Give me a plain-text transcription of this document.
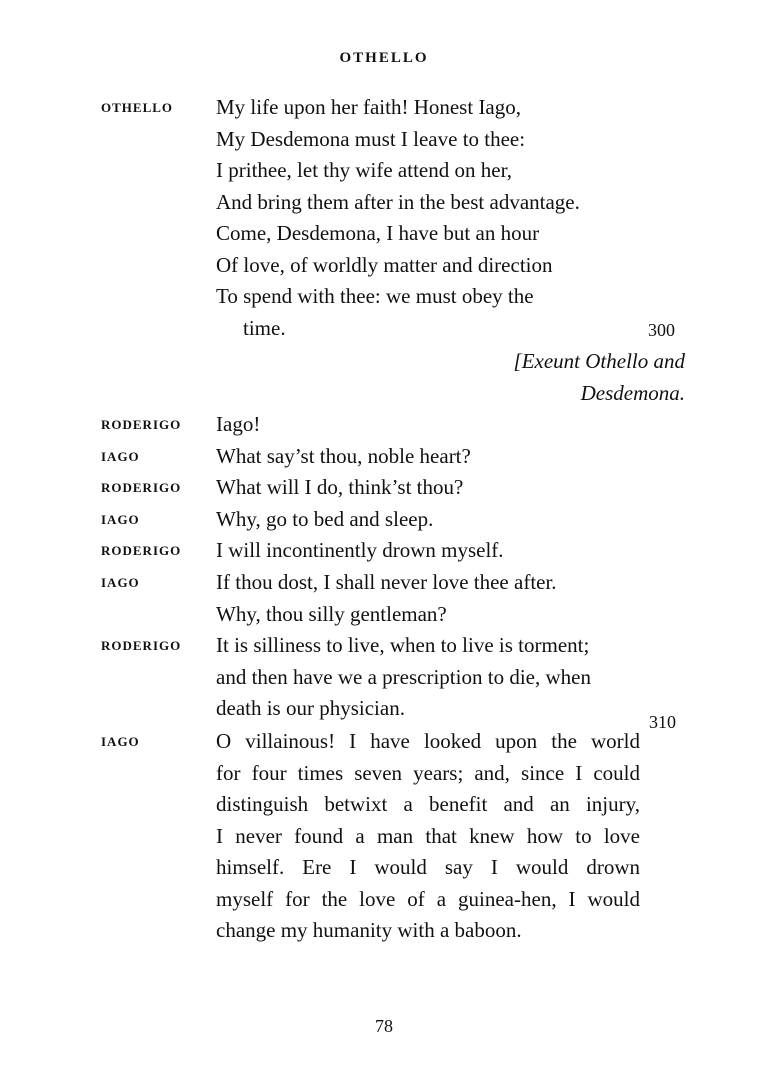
OTHELLO
OTHELLO My life upon her faith! Honest Iago,
My Desdemona must I leave to thee:
I prithee, let thy wife attend on her,
And bring them after in the best advantage.
Come, Desdemona, I have but an hour
Of love, of worldly matter and direction
To spend with thee: we must obey the
time.	300
[Exeunt Othello and
Desdemona.
RODERIGO Iago!
IAGO	What say’st thou, noble heart?
RODERIGO What will I do, think’st thou?
IAGO	Why, go to bed and sleep.
RODERIGO I will incontinently drown myself.
IAGO	If thou dost, I shall never love thee after.
Why, thou silly gentleman?
RODERIGO It is silliness to live, when to live is torment;
and then have we a prescription to die, when
death is our physician.
310
IAGO	O villainous! I have looked upon the world
for four times seven years; and, since I could
distinguish betwixt a benefit and an injury,
I never found a man that knew how to love
himself. Ere I would say I would drown
myself for the love of a guinea-hen, I would
change my humanity with a baboon.
78
